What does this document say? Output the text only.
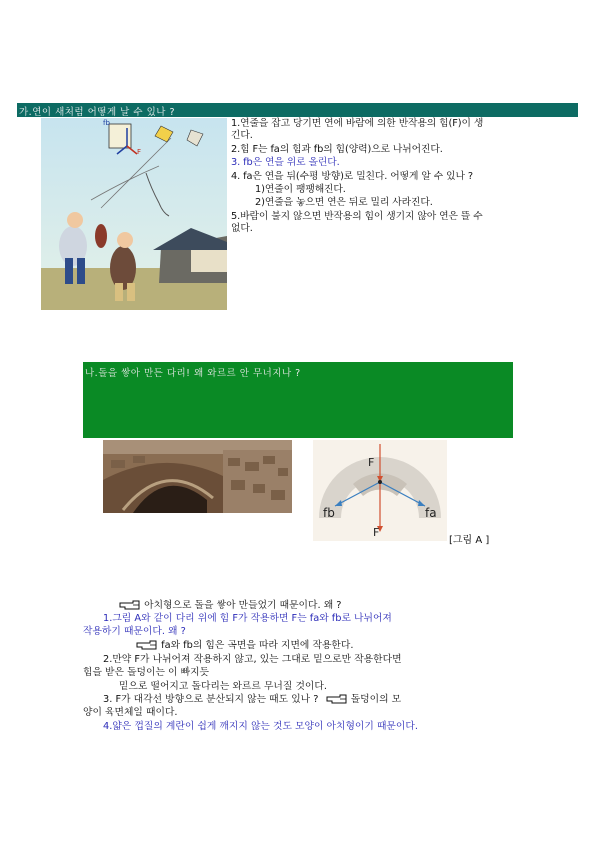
가.연이 새처럼 어떻게 날 수 있나 ?
fb
F
1.연줄을 잡고 당기면 연에 바람에 의한 반작용의 힘(F)이 생
긴다.
2.힘 F는 fa의 힘과 fb의 힘(양력)으로 나뉘어진다.
3. fb은 연을 위로 올린다.
4. fa은 연을 뒤(수평 방향)로 밀친다. 어떻게 알 수 있나 ?
1)연줄이 팽팽해진다.
2)연줄을 놓으면 연은 뒤로 밀리 사라진다.
5.바람이 불지 않으면 반작용의 힘이 생기지 않아 연은 뜰 수
없다.
나.돌을 쌓아 만든 다리! 왜 와르르 안 무너지나 ?
F
fb	fa
F
[그림 A ]
아치형으로 돌을 쌓아 만들었기 때문이다. 왜 ?
1.그림 A와 같이 다리 위에 힘 F가 작용하면 F는 fa와 fb로 나뉘어져
작용하기 때문이다. 왜 ?
fa와 fb의 힘은 곡면을 따라 지면에 작용한다.
2.만약 F가 나뉘어져 작용하지 않고, 있는 그대로 밑으로만 작용한다면
힘을 받은 돌덩이는 이 빠지듯
밑으로 떨어지고 돌다리는 와르르 무너질 것이다.
3. F가 대각선 방향으로 분산되지 않는 때도 있나 ?	돌덩이의 모
양이 육면체일 때이다.
4.얇은 껍질의 계란이 쉽게 깨지지 않는 것도 모양이 아치형이기 때문이다.
